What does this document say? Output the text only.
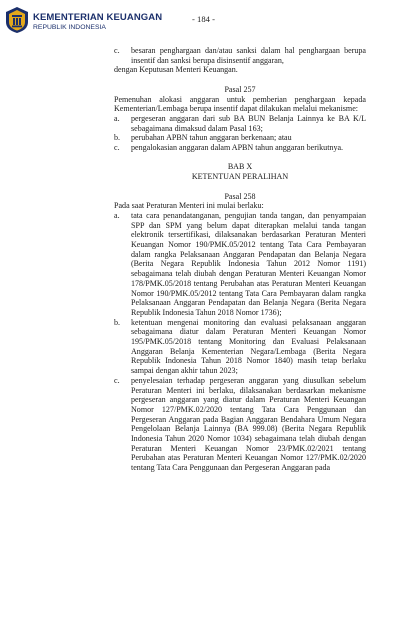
KEMENTERIAN KEUANGAN
REPUBLIK INDONESIA
- 184 -
c.	besaran penghargaan dan/atau sanksi dalam hal penghargaan berupa insentif dan sanksi berupa disinsentif anggaran,
dengan Keputusan Menteri Keuangan.
Pasal 257
Pemenuhan alokasi anggaran untuk pemberian penghargaan kepada Kementerian/Lembaga berupa insentif dapat dilakukan melalui mekanisme:
a.	pergeseran anggaran dari sub BA BUN Belanja Lainnya ke BA K/L sebagaimana dimaksud dalam Pasal 163;
b.	perubahan APBN tahun anggaran berkenaan; atau
c.	pengalokasian anggaran dalam APBN tahun anggaran berikutnya.
BAB X
KETENTUAN PERALIHAN
Pasal 258
Pada saat Peraturan Menteri ini mulai berlaku:
a.	tata cara penandatanganan, pengujian tanda tangan, dan penyampaian SPP dan SPM yang belum dapat diterapkan melalui tanda tangan elektronik tersertifikasi, dilaksanakan berdasarkan Peraturan Menteri Keuangan Nomor 190/PMK.05/2012 tentang Tata Cara Pembayaran dalam rangka Pelaksanaan Anggaran Pendapatan dan Belanja Negara (Berita Negara Republik Indonesia Tahun 2012 Nomor 1191) sebagaimana telah diubah dengan Peraturan Menteri Keuangan Nomor 178/PMK.05/2018 tentang Perubahan atas Peraturan Menteri Keuangan Nomor 190/PMK.05/2012 tentang Tata Cara Pembayaran dalam rangka Pelaksanaan Anggaran Pendapatan dan Belanja Negara (Berita Negara Republik Indonesia Tahun 2018 Nomor 1736);
b.	ketentuan mengenai monitoring dan evaluasi pelaksanaan anggaran sebagaimana diatur dalam Peraturan Menteri Keuangan Nomor 195/PMK.05/2018 tentang Monitoring dan Evaluasi Pelaksanaan Anggaran Belanja Kementerian Negara/Lembaga (Berita Negara Republik Indonesia Tahun 2018 Nomor 1840) masih tetap berlaku sampai dengan akhir tahun 2023;
c.	penyelesaian terhadap pergeseran anggaran yang diusulkan sebelum Peraturan Menteri ini berlaku, dilaksanakan berdasarkan mekanisme pergeseran anggaran yang diatur dalam Peraturan Menteri Keuangan Nomor 127/PMK.02/2020 tentang Tata Cara Penggunaan dan Pergeseran Anggaran pada Bagian Anggaran Bendahara Umum Negara Pengelolaan Belanja Lainnya (BA 999.08) (Berita Negara Republik Indonesia Tahun 2020 Nomor 1034) sebagaimana telah diubah dengan Peraturan Menteri Keuangan Nomor 23/PMK.02/2021 tentang Perubahan atas Peraturan Menteri Keuangan Nomor 127/PMK.02/2020 tentang Tata Cara Penggunaan dan Pergeseran Anggaran pada
